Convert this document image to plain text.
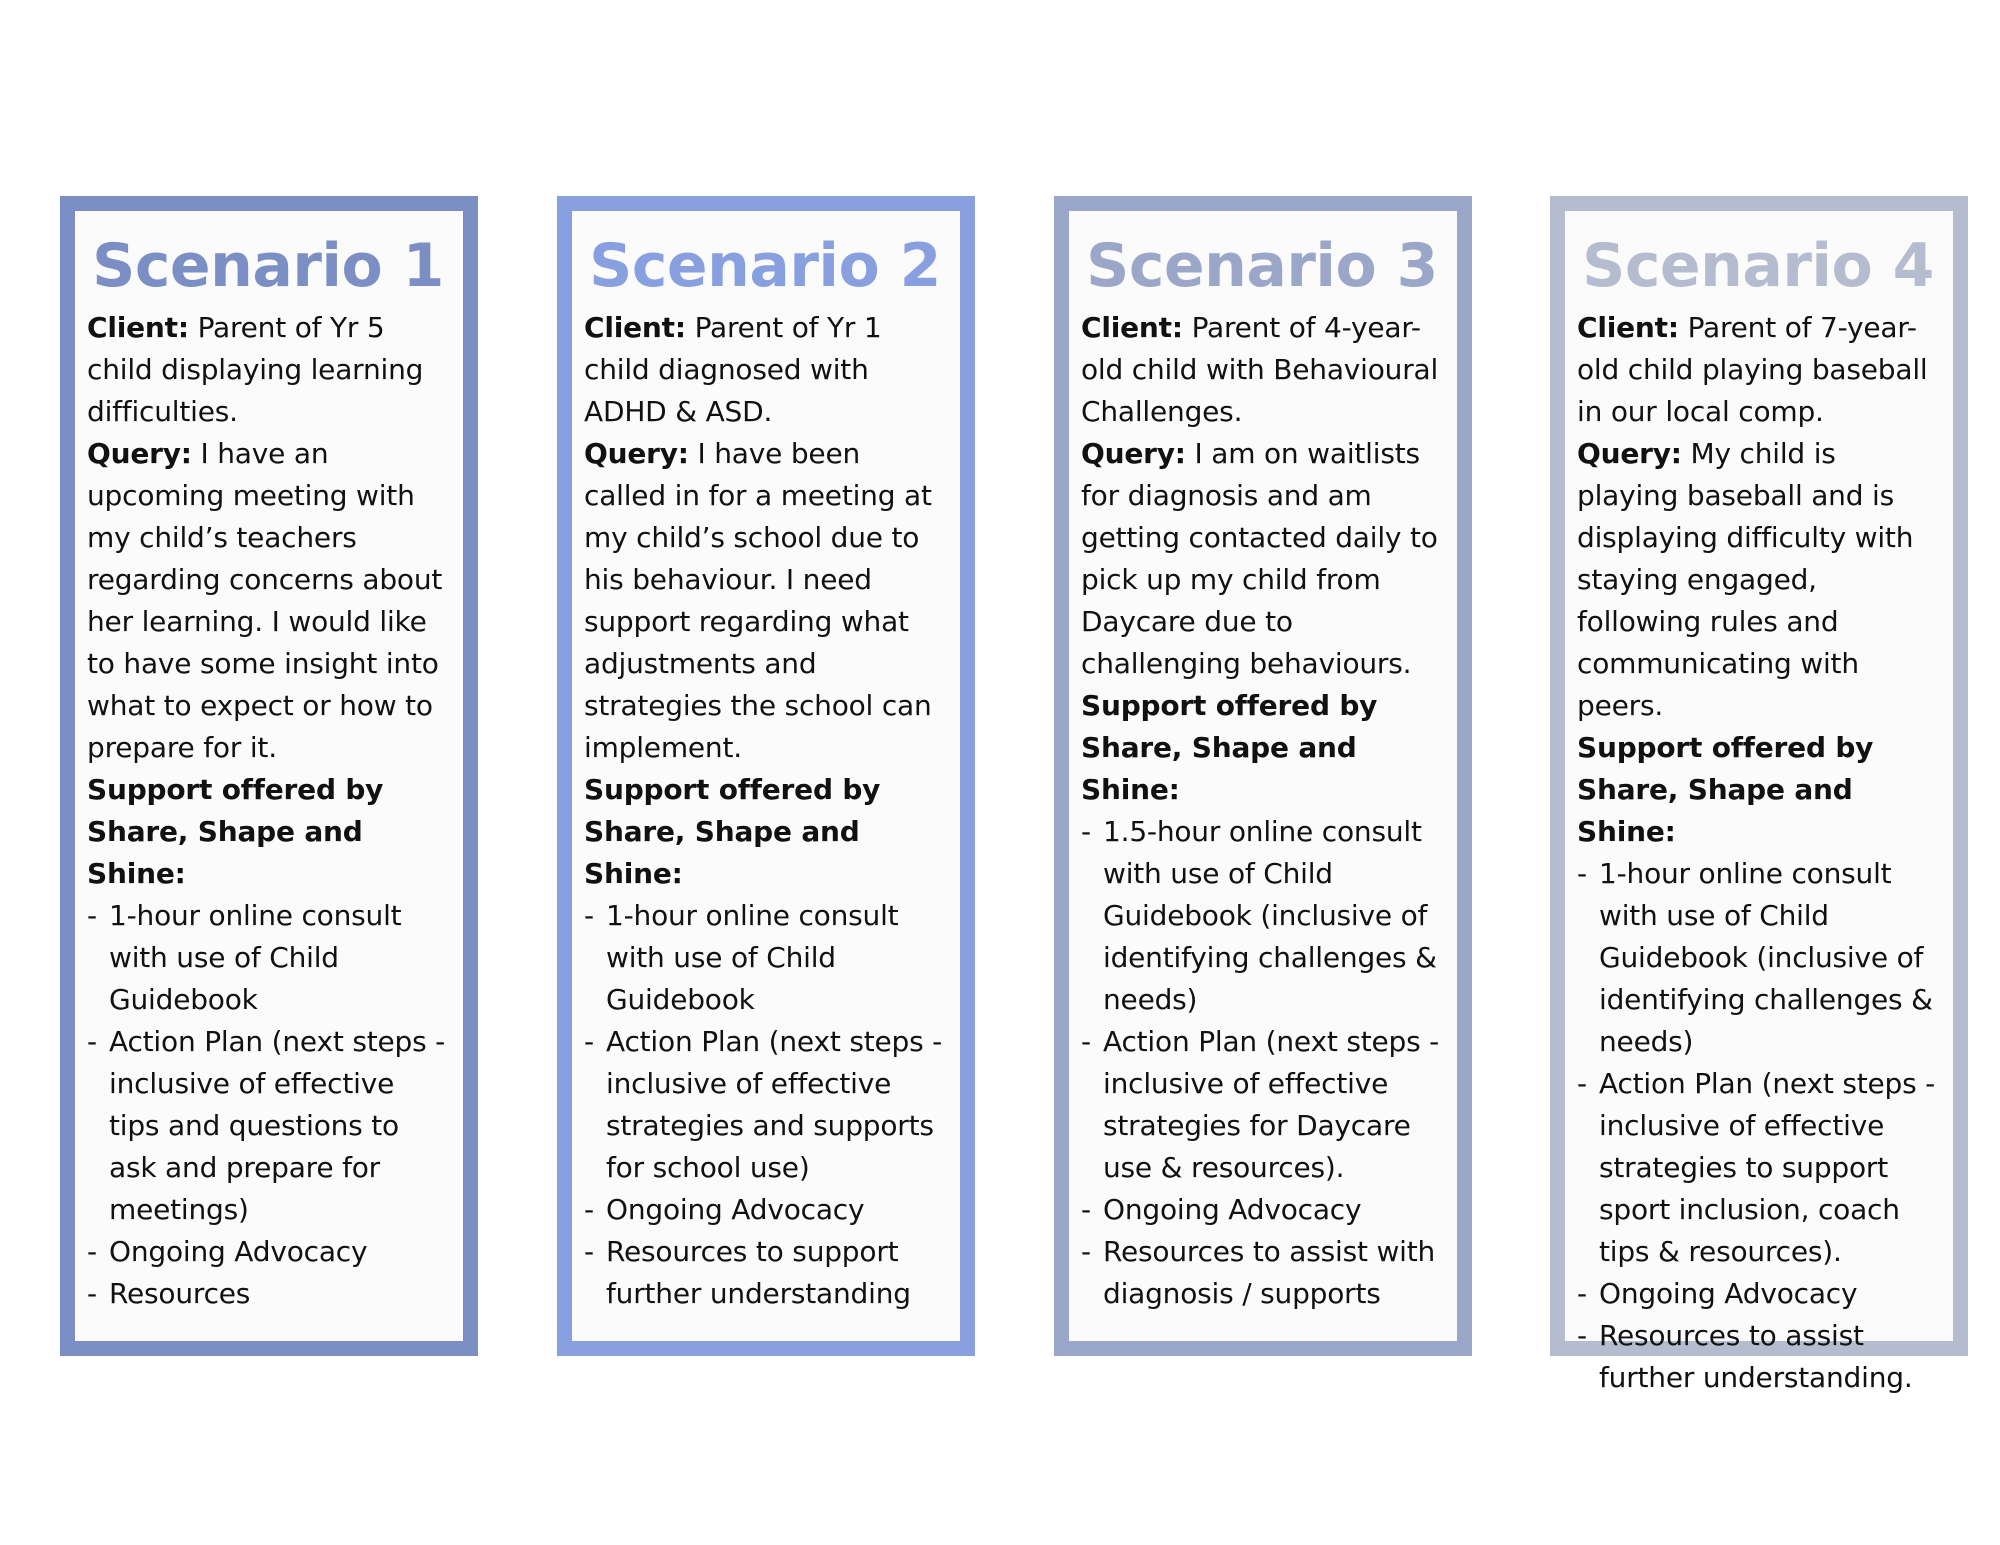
Scenario 1

Client: Parent of Yr 5 child displaying learning difficulties.

Query: I have an upcoming meeting with my child’s teachers regarding concerns about her learning. I would like to have some insight into what to expect or how to prepare for it.

Support offered by Share, Shape and Shine:

- 1-hour online consult with use of Child Guidebook
- Action Plan (next steps - inclusive of effective tips and questions to ask and prepare for meetings)
- Ongoing Advocacy
- Resources
Scenario 2

Client: Parent of Yr 1 child diagnosed with ADHD & ASD.

Query: I have been called in for a meeting at my child’s school due to his behaviour. I need support regarding what adjustments and strategies the school can implement.

Support offered by Share, Shape and Shine:

- 1-hour online consult with use of Child Guidebook
- Action Plan (next steps - inclusive of effective strategies and supports for school use)
- Ongoing Advocacy
- Resources to support further understanding
Scenario 3

Client: Parent of 4-year-old child with Behavioural Challenges.

Query: I am on waitlists for diagnosis and am getting contacted daily to pick up my child from Daycare due to challenging behaviours.

Support offered by Share, Shape and Shine:

- 1.5-hour online consult with use of Child Guidebook (inclusive of identifying challenges & needs)
- Action Plan (next steps - inclusive of effective strategies for Daycare use & resources).
- Ongoing Advocacy
- Resources to assist with diagnosis / supports
Scenario 4

Client: Parent of 7-year-old child playing baseball in our local comp.

Query: My child is playing baseball and is displaying difficulty with staying engaged, following rules and communicating with peers.

Support offered by Share, Shape and Shine:

- 1-hour online consult with use of Child Guidebook (inclusive of identifying challenges & needs)
- Action Plan (next steps - inclusive of effective strategies to support sport inclusion, coach tips & resources).
- Ongoing Advocacy
- Resources to assist further understanding.
